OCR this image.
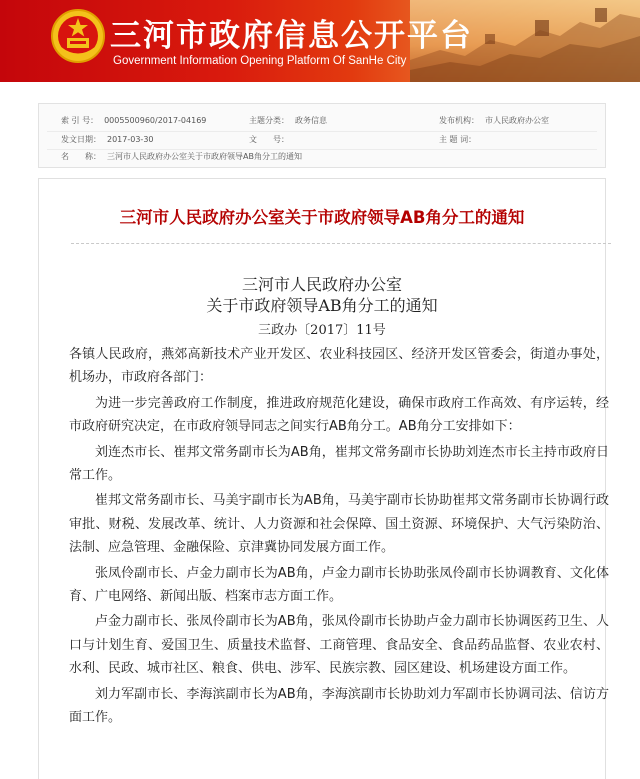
三河市政府信息公开平台
Government Information Opening Platform Of SanHe City
索 引 号： 0005500960/2017-04169	主题分类： 政务信息	发布机构： 市人民政府办公室
发文日期： 2017-03-30	文　　号：	主 题 词：
名　　称： 三河市人民政府办公室关于市政府领导AB角分工的通知
三河市人民政府办公室关于市政府领导AB角分工的通知
三河市人民政府办公室
关于市政府领导AB角分工的通知
三政办〔2017〕11号

各镇人民政府，燕郊高新技术产业开发区、农业科技园区、经济开发区管委会，街道办事处，机场办，市政府各部门：

为进一步完善政府工作制度，推进政府规范化建设，确保市政府工作高效、有序运转，经市政府研究决定，在市政府领导同志之间实行AB角分工。AB角分工安排如下：

刘连杰市长、崔邦文常务副市长为AB角，崔邦文常务副市长协助刘连杰市长主持市政府日常工作。

崔邦文常务副市长、马美宇副市长为AB角，马美宇副市长协助崔邦文常务副市长协调行政审批、财税、发展改革、统计、人力资源和社会保障、国土资源、环境保护、大气污染防治、法制、应急管理、金融保险、京津冀协同发展方面工作。

张凤伶副市长、卢金力副市长为AB角，卢金力副市长协助张凤伶副市长协调教育、文化体育、广电网络、新闻出版、档案市志方面工作。

卢金力副市长、张凤伶副市长为AB角，张凤伶副市长协助卢金力副市长协调医药卫生、人口与计划生育、爱国卫生、质量技术监督、工商管理、食品安全、食品药品监督、农业农村、水利、民政、城市社区、粮食、供电、涉军、民族宗教、园区建设、机场建设方面工作。

刘力军副市长、李海滨副市长为AB角，李海滨副市长协助刘力军副市长协调司法、信访方面工作。
